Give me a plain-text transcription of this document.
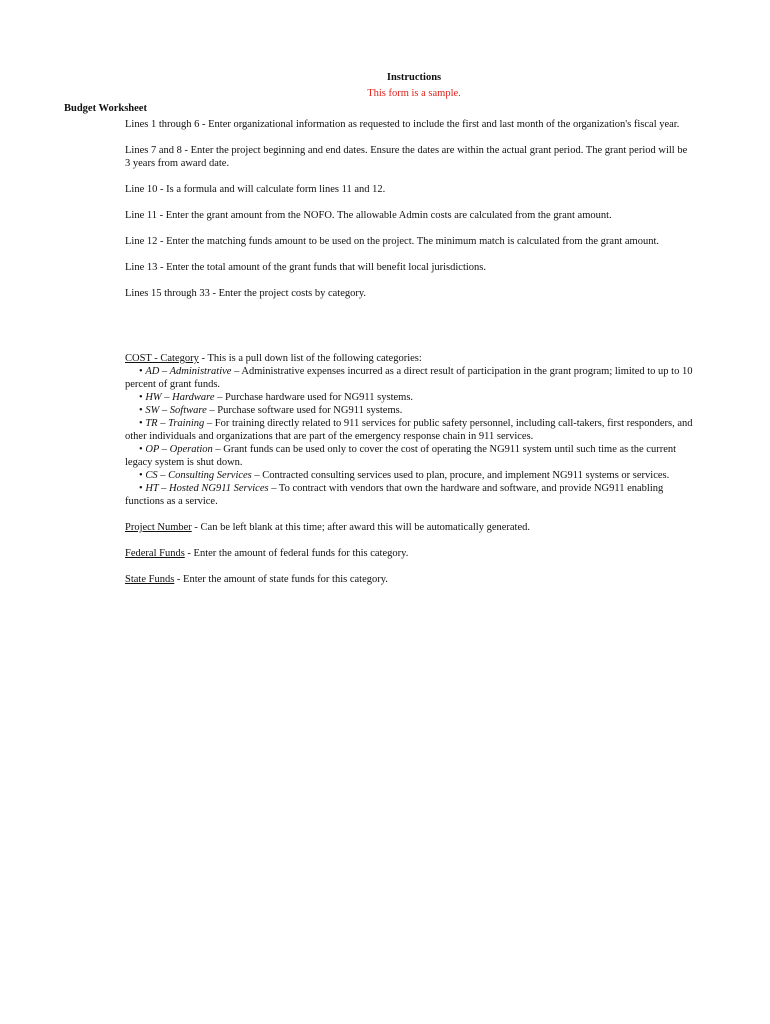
Instructions
This form is a sample.
Budget Worksheet

Lines 1 through 6 - Enter organizational information as requested to include the first and last month of the organization's fiscal year.

Lines 7 and 8 - Enter the project beginning and end dates. Ensure the dates are within the actual grant period. The grant period will be 3 years from award date.

Line 10 - Is a formula and will calculate form lines 11 and 12.

Line 11 - Enter the grant amount from the NOFO. The allowable Admin costs are calculated from the grant amount.

Line 12 - Enter the matching funds amount to be used on the project. The minimum match is calculated from the grant amount.

Line 13 - Enter the total amount of the grant funds that will benefit local jurisdictions.

Lines 15 through 33 - Enter the project costs by category.

COST - Category - This is a pull down list of the following categories:

• AD – Administrative – Administrative expenses incurred as a direct result of participation in the grant program; limited to up to 10 percent of grant funds.

• HW – Hardware – Purchase hardware used for NG911 systems.

• SW – Software – Purchase software used for NG911 systems.

• TR – Training – For training directly related to 911 services for public safety personnel, including call-takers, first responders, and other individuals and organizations that are part of the emergency response chain in 911 services.

• OP – Operation – Grant funds can be used only to cover the cost of operating the NG911 system until such time as the current legacy system is shut down.

• CS – Consulting Services – Contracted consulting services used to plan, procure, and implement NG911 systems or services.

• HT – Hosted NG911 Services – To contract with vendors that own the hardware and software, and provide NG911 enabling functions as a service.

Project Number - Can be left blank at this time; after award this will be automatically generated.

Federal Funds - Enter the amount of federal funds for this category.

State Funds - Enter the amount of state funds for this category.
